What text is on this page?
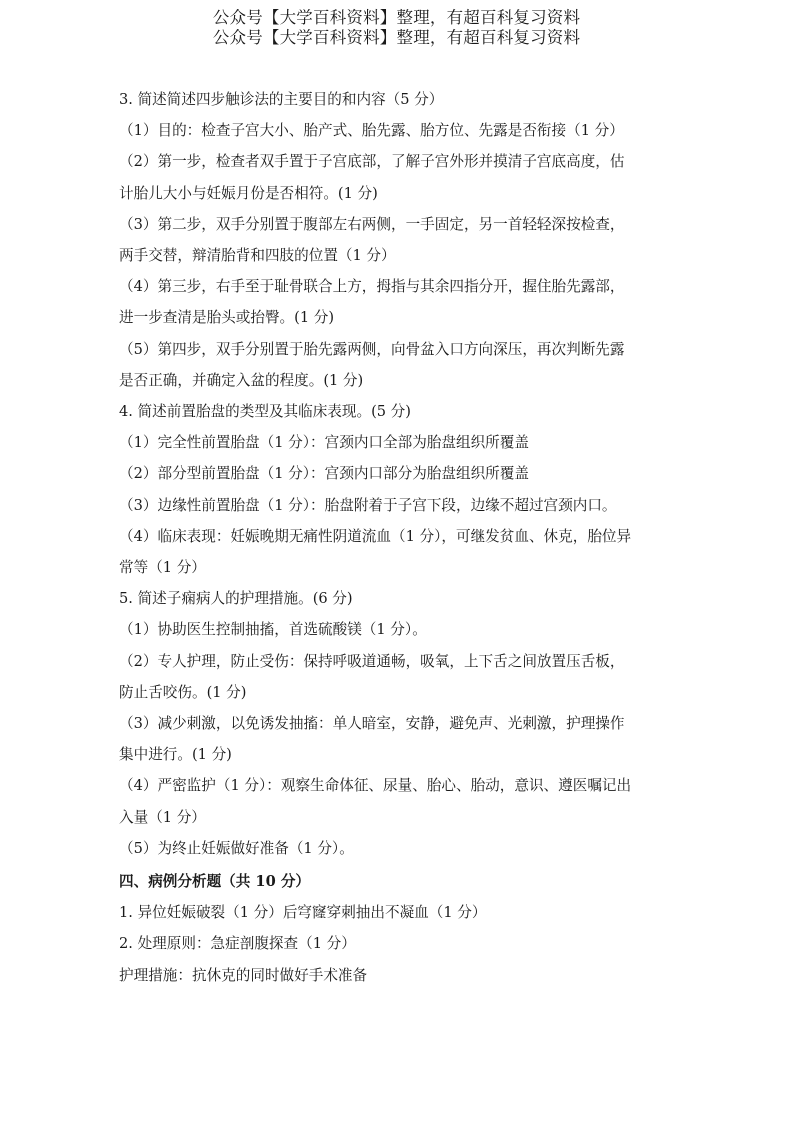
公众号【大学百科资料】整理，有超百科复习资料
公众号【大学百科资料】整理，有超百科复习资料
3. 简述简述四步触诊法的主要目的和内容（5 分）
（1）目的：检查子宫大小、胎产式、胎先露、胎方位、先露是否衔接（1 分）
（2）第一步，检查者双手置于子宫底部，了解子宫外形并摸清子宫底高度，估
计胎儿大小与妊娠月份是否相符。(1 分)
（3）第二步，双手分别置于腹部左右两侧，一手固定，另一首轻轻深按检查，
两手交替，辩清胎背和四肢的位置（1 分）
（4）第三步，右手至于耻骨联合上方，拇指与其余四指分开，握住胎先露部，
进一步查清是胎头或抬臀。(1 分)
（5）第四步，双手分别置于胎先露两侧，向骨盆入口方向深压，再次判断先露
是否正确，并确定入盆的程度。(1 分)
4. 简述前置胎盘的类型及其临床表现。(5 分)
（1）完全性前置胎盘（1 分）：宫颈内口全部为胎盘组织所覆盖
（2）部分型前置胎盘（1 分）：宫颈内口部分为胎盘组织所覆盖
（3）边缘性前置胎盘（1 分）：胎盘附着于子宫下段，边缘不超过宫颈内口。
（4）临床表现：妊娠晚期无痛性阴道流血（1 分），可继发贫血、休克，胎位异
常等（1 分）
5. 简述子痫病人的护理措施。(6 分)
（1）协助医生控制抽搐，首选硫酸镁（1 分）。
（2）专人护理，防止受伤：保持呼吸道通畅，吸氧，上下舌之间放置压舌板，
防止舌咬伤。(1 分)
（3）减少刺激，以免诱发抽搐：单人暗室，安静，避免声、光刺激，护理操作
集中进行。(1 分)
（4）严密监护（1 分）：观察生命体征、尿量、胎心、胎动，意识、遵医嘱记出
入量（1 分）
（5）为终止妊娠做好准备（1 分）。
四、病例分析题（共 10 分）
1. 异位妊娠破裂（1 分）后穹窿穿刺抽出不凝血（1 分）
2. 处理原则：急症剖腹探查（1 分）
护理措施：抗休克的同时做好手术准备
